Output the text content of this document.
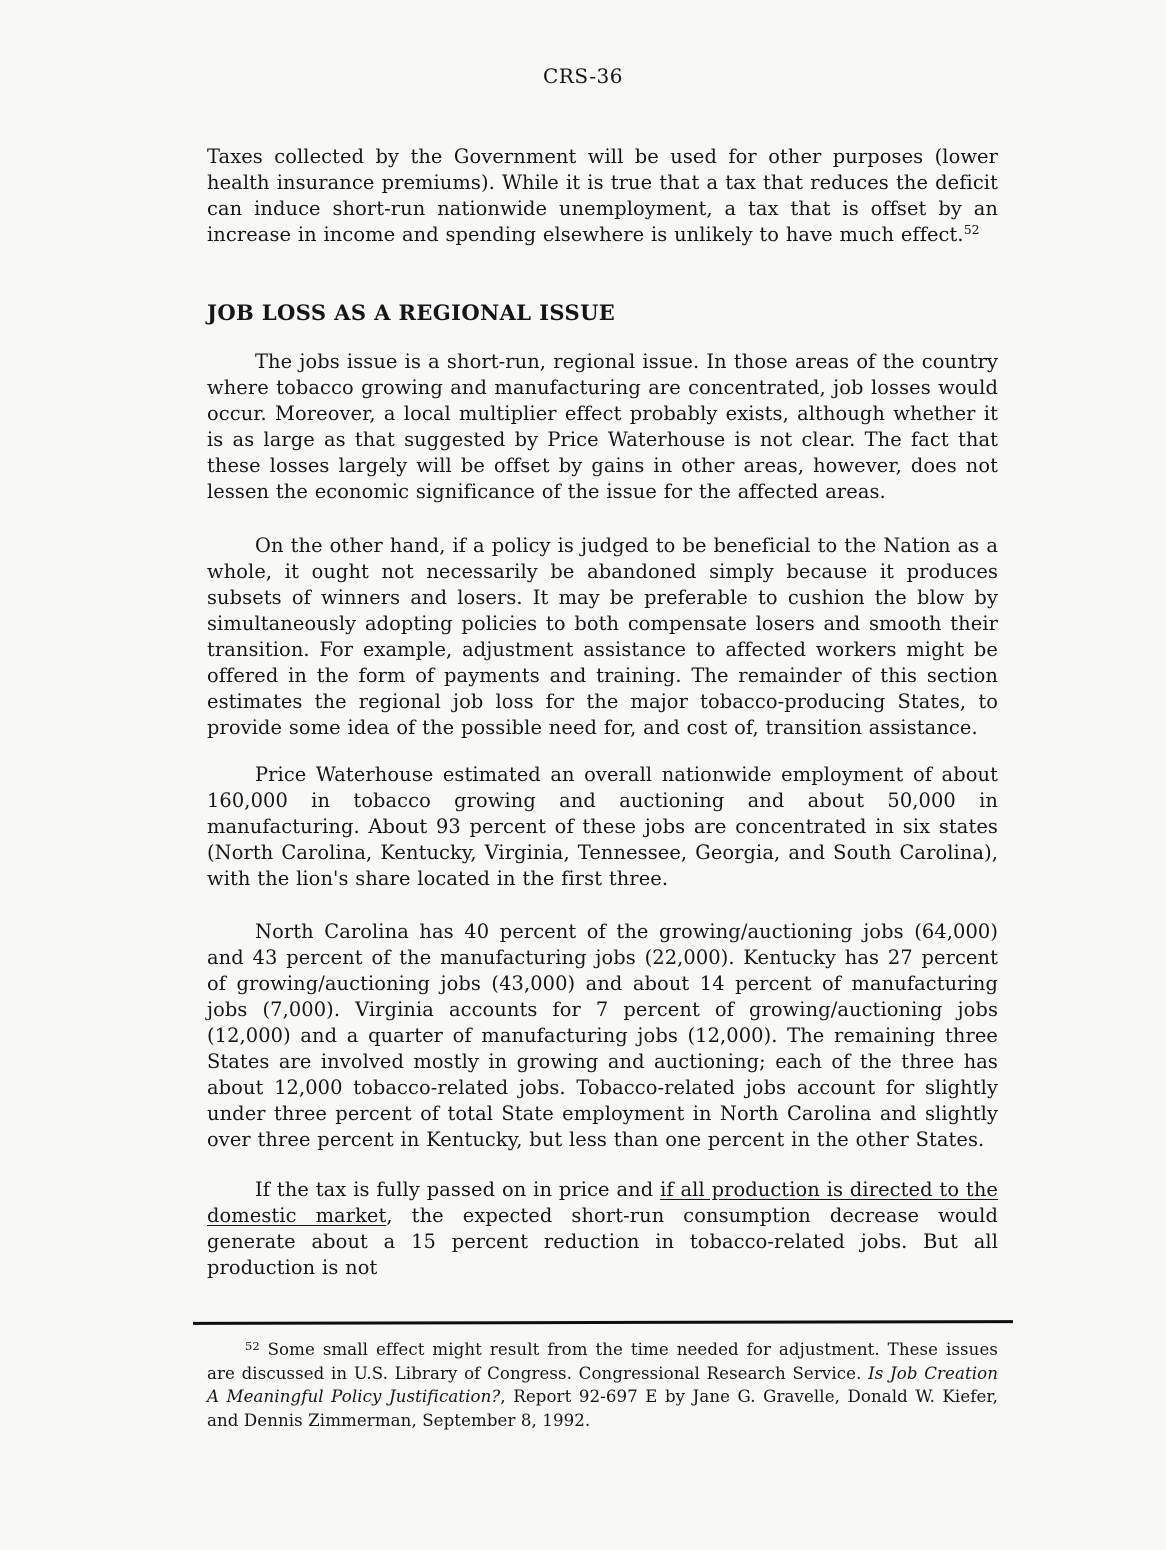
CRS-36

Taxes collected by the Government will be used for other purposes (lower health insurance premiums). While it is true that a tax that reduces the deficit can induce short-run nationwide unemployment, a tax that is offset by an increase in income and spending elsewhere is unlikely to have much effect.$^{52}$

JOB LOSS AS A REGIONAL ISSUE

The jobs issue is a short-run, regional issue. In those areas of the country where tobacco growing and manufacturing are concentrated, job losses would occur. Moreover, a local multiplier effect probably exists, although whether it is as large as that suggested by Price Waterhouse is not clear. The fact that these losses largely will be offset by gains in other areas, however, does not lessen the economic significance of the issue for the affected areas.

On the other hand, if a policy is judged to be beneficial to the Nation as a whole, it ought not necessarily be abandoned simply because it produces subsets of winners and losers. It may be preferable to cushion the blow by simultaneously adopting policies to both compensate losers and smooth their transition. For example, adjustment assistance to affected workers might be offered in the form of payments and training. The remainder of this section estimates the regional job loss for the major tobacco-producing States, to provide some idea of the possible need for, and cost of, transition assistance.

Price Waterhouse estimated an overall nationwide employment of about 160,000 in tobacco growing and auctioning and about 50,000 in manufacturing. About 93 percent of these jobs are concentrated in six states (North Carolina, Kentucky, Virginia, Tennessee, Georgia, and South Carolina), with the lion's share located in the first three.

North Carolina has 40 percent of the growing/auctioning jobs (64,000) and 43 percent of the manufacturing jobs (22,000). Kentucky has 27 percent of growing/auctioning jobs (43,000) and about 14 percent of manufacturing jobs (7,000). Virginia accounts for 7 percent of growing/auctioning jobs (12,000) and a quarter of manufacturing jobs (12,000). The remaining three States are involved mostly in growing and auctioning; each of the three has about 12,000 tobacco-related jobs. Tobacco-related jobs account for slightly under three percent of total State employment in North Carolina and slightly over three percent in Kentucky, but less than one percent in the other States.

If the tax is fully passed on in price and if all production is directed to the domestic market, the expected short-run consumption decrease would generate about a 15 percent reduction in tobacco-related jobs. But all production is not

$^{52}$ Some small effect might result from the time needed for adjustment. These issues are discussed in U.S. Library of Congress. Congressional Research Service. Is Job Creation A Meaningful Policy Justification?, Report 92-697 E by Jane G. Gravelle, Donald W. Kiefer, and Dennis Zimmerman, September 8, 1992.
